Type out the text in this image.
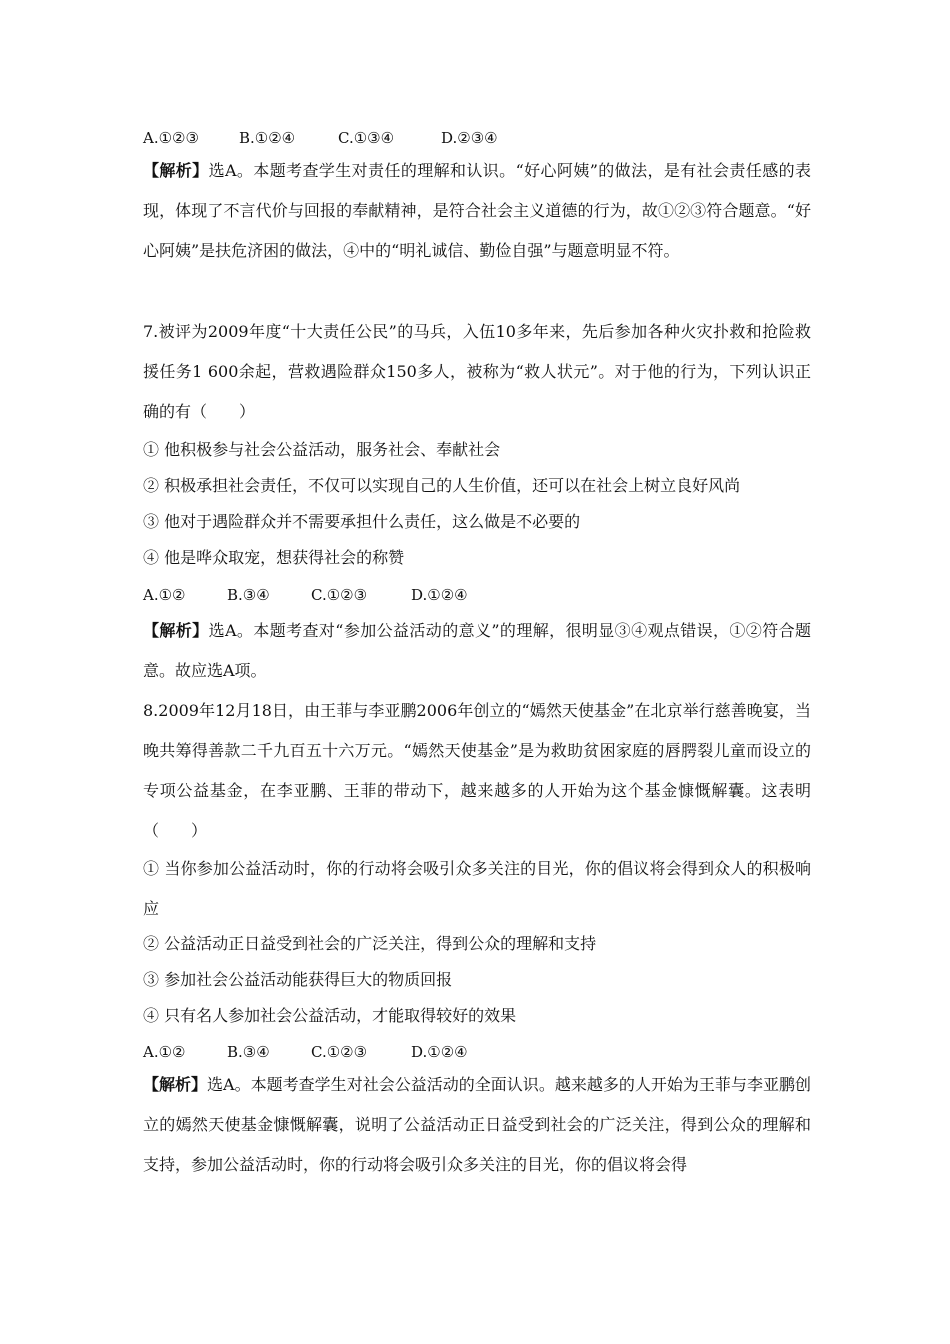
A.①②③	B.①②④	C.①③④	D.②③④

【解析】选A。本题考查学生对责任的理解和认识。“好心阿姨”的做法，是有社会责任感的表现，体现了不言代价与回报的奉献精神，是符合社会主义道德的行为，故①②③符合题意。“好心阿姨”是扶危济困的做法，④中的“明礼诚信、勤俭自强”与题意明显不符。

7.被评为2009年度“十大责任公民”的马兵，入伍10多年来，先后参加各种火灾扑救和抢险救援任务1 600余起，营救遇险群众150多人，被称为“救人状元”。对于他的行为，下列认识正确的有（　　）

① 他积极参与社会公益活动，服务社会、奉献社会

② 积极承担社会责任，不仅可以实现自己的人生价值，还可以在社会上树立良好风尚

③ 他对于遇险群众并不需要承担什么责任，这么做是不必要的

④ 他是哗众取宠，想获得社会的称赞

A.①②	B.③④	C.①②③	D.①②④

【解析】选A。本题考查对“参加公益活动的意义”的理解，很明显③④观点错误，①②符合题意。故应选A项。

8.2009年12月18日，由王菲与李亚鹏2006年创立的“嫣然天使基金”在北京举行慈善晚宴，当晚共筹得善款二千九百五十六万元。“嫣然天使基金”是为救助贫困家庭的唇腭裂儿童而设立的专项公益基金，在李亚鹏、王菲的带动下，越来越多的人开始为这个基金慷慨解囊。这表明（　　）

① 当你参加公益活动时，你的行动将会吸引众多关注的目光，你的倡议将会得到众人的积极响应

② 公益活动正日益受到社会的广泛关注，得到公众的理解和支持

③ 参加社会公益活动能获得巨大的物质回报

④ 只有名人参加社会公益活动，才能取得较好的效果

A.①②	B.③④	C.①②③	D.①②④

【解析】选A。本题考查学生对社会公益活动的全面认识。越来越多的人开始为王菲与李亚鹏创立的嫣然天使基金慷慨解囊，说明了公益活动正日益受到社会的广泛关注，得到公众的理解和支持，参加公益活动时，你的行动将会吸引众多关注的目光，你的倡议将会得
